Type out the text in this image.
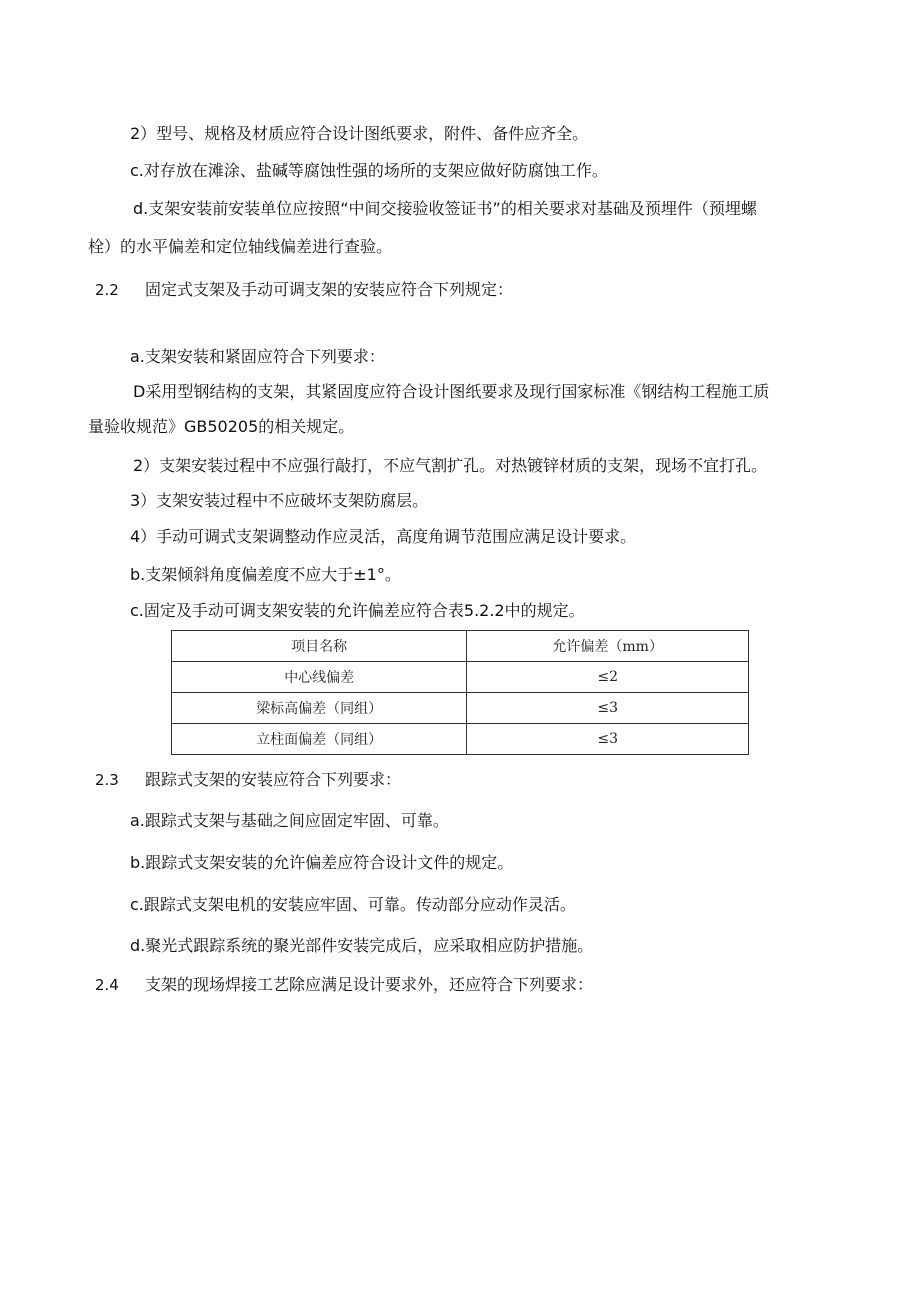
2）型号、规格及材质应符合设计图纸要求，附件、备件应齐全。
c.对存放在滩涂、盐碱等腐蚀性强的场所的支架应做好防腐蚀工作。
d.支架安装前安装单位应按照“中间交接验收签证书”的相关要求对基础及预埋件（预埋螺
栓）的水平偏差和定位轴线偏差进行查验。
2.2 固定式支架及手动可调支架的安装应符合下列规定：
a.支架安装和紧固应符合下列要求：
D采用型钢结构的支架，其紧固度应符合设计图纸要求及现行国家标准《钢结构工程施工质
量验收规范》GB50205的相关规定。
2）支架安装过程中不应强行敲打，不应气割扩孔。对热镀锌材质的支架，现场不宜打孔。
3）支架安装过程中不应破坏支架防腐层。
4）手动可调式支架调整动作应灵活，高度角调节范围应满足设计要求。
b.支架倾斜角度偏差度不应大于±1°。
c.固定及手动可调支架安装的允许偏差应符合表5.2.2中的规定。
项目名称	允许偏差（mm）
中心线偏差	≤2
梁标高偏差（同组）	≤3
立柱面偏差（同组）	≤3
2.3 跟踪式支架的安装应符合下列要求：
a.跟踪式支架与基础之间应固定牢固、可靠。
b.跟踪式支架安装的允许偏差应符合设计文件的规定。
c.跟踪式支架电机的安装应牢固、可靠。传动部分应动作灵活。
d.聚光式跟踪系统的聚光部件安装完成后，应采取相应防护措施。
2.4 支架的现场焊接工艺除应满足设计要求外，还应符合下列要求：
